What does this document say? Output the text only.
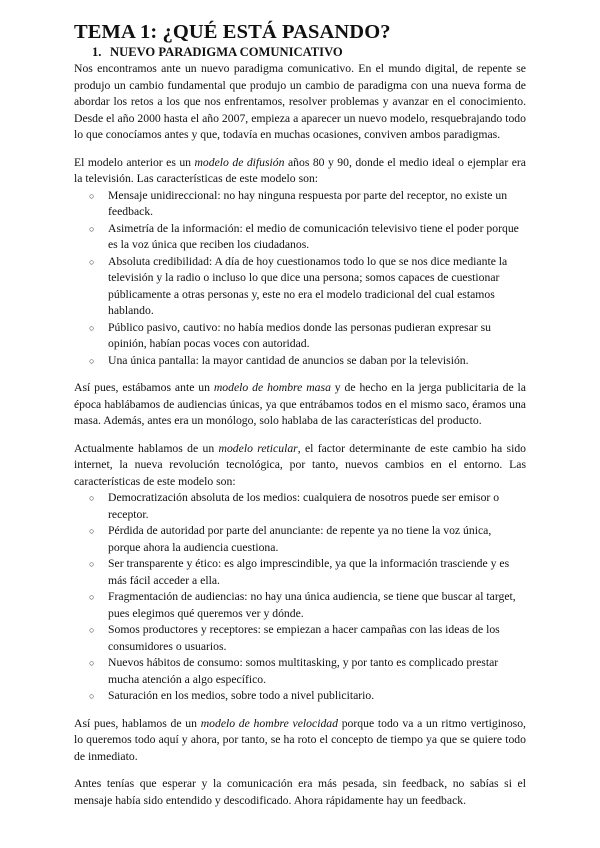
TEMA 1: ¿QUÉ ESTÁ PASANDO?
1. NUEVO PARADIGMA COMUNICATIVO

Nos encontramos ante un nuevo paradigma comunicativo. En el mundo digital, de repente se produjo un cambio fundamental que produjo un cambio de paradigma con una nueva forma de abordar los retos a los que nos enfrentamos, resolver problemas y avanzar en el conocimiento. Desde el año 2000 hasta el año 2007, empieza a aparecer un nuevo modelo, resquebrajando todo lo que conocíamos antes y que, todavía en muchas ocasiones, conviven ambos paradigmas.

El modelo anterior es un modelo de difusión años 80 y 90, donde el medio ideal o ejemplar era la televisión. Las características de este modelo son:

○ Mensaje unidireccional: no hay ninguna respuesta por parte del receptor, no existe un feedback.
○ Asimetría de la información: el medio de comunicación televisivo tiene el poder porque es la voz única que reciben los ciudadanos.
○ Absoluta credibilidad: A día de hoy cuestionamos todo lo que se nos dice mediante la televisión y la radio o incluso lo que dice una persona; somos capaces de cuestionar públicamente a otras personas y, este no era el modelo tradicional del cual estamos hablando.
○ Público pasivo, cautivo: no había medios donde las personas pudieran expresar su opinión, habían pocas voces con autoridad.
○ Una única pantalla: la mayor cantidad de anuncios se daban por la televisión.

Así pues, estábamos ante un modelo de hombre masa y de hecho en la jerga publicitaria de la época hablábamos de audiencias únicas, ya que entrábamos todos en el mismo saco, éramos una masa. Además, antes era un monólogo, solo hablaba de las características del producto.

Actualmente hablamos de un modelo reticular, el factor determinante de este cambio ha sido internet, la nueva revolución tecnológica, por tanto, nuevos cambios en el entorno. Las características de este modelo son:

○ Democratización absoluta de los medios: cualquiera de nosotros puede ser emisor o receptor.
○ Pérdida de autoridad por parte del anunciante: de repente ya no tiene la voz única, porque ahora la audiencia cuestiona.
○ Ser transparente y ético: es algo imprescindible, ya que la información trasciende y es más fácil acceder a ella.
○ Fragmentación de audiencias: no hay una única audiencia, se tiene que buscar al target, pues elegimos qué queremos ver y dónde.
○ Somos productores y receptores: se empiezan a hacer campañas con las ideas de los consumidores o usuarios.
○ Nuevos hábitos de consumo: somos multitasking, y por tanto es complicado prestar mucha atención a algo específico.
○ Saturación en los medios, sobre todo a nivel publicitario.

Así pues, hablamos de un modelo de hombre velocidad porque todo va a un ritmo vertiginoso, lo queremos todo aquí y ahora, por tanto, se ha roto el concepto de tiempo ya que se quiere todo de inmediato.

Antes tenías que esperar y la comunicación era más pesada, sin feedback, no sabías si el mensaje había sido entendido y descodificado. Ahora rápidamente hay un feedback.
